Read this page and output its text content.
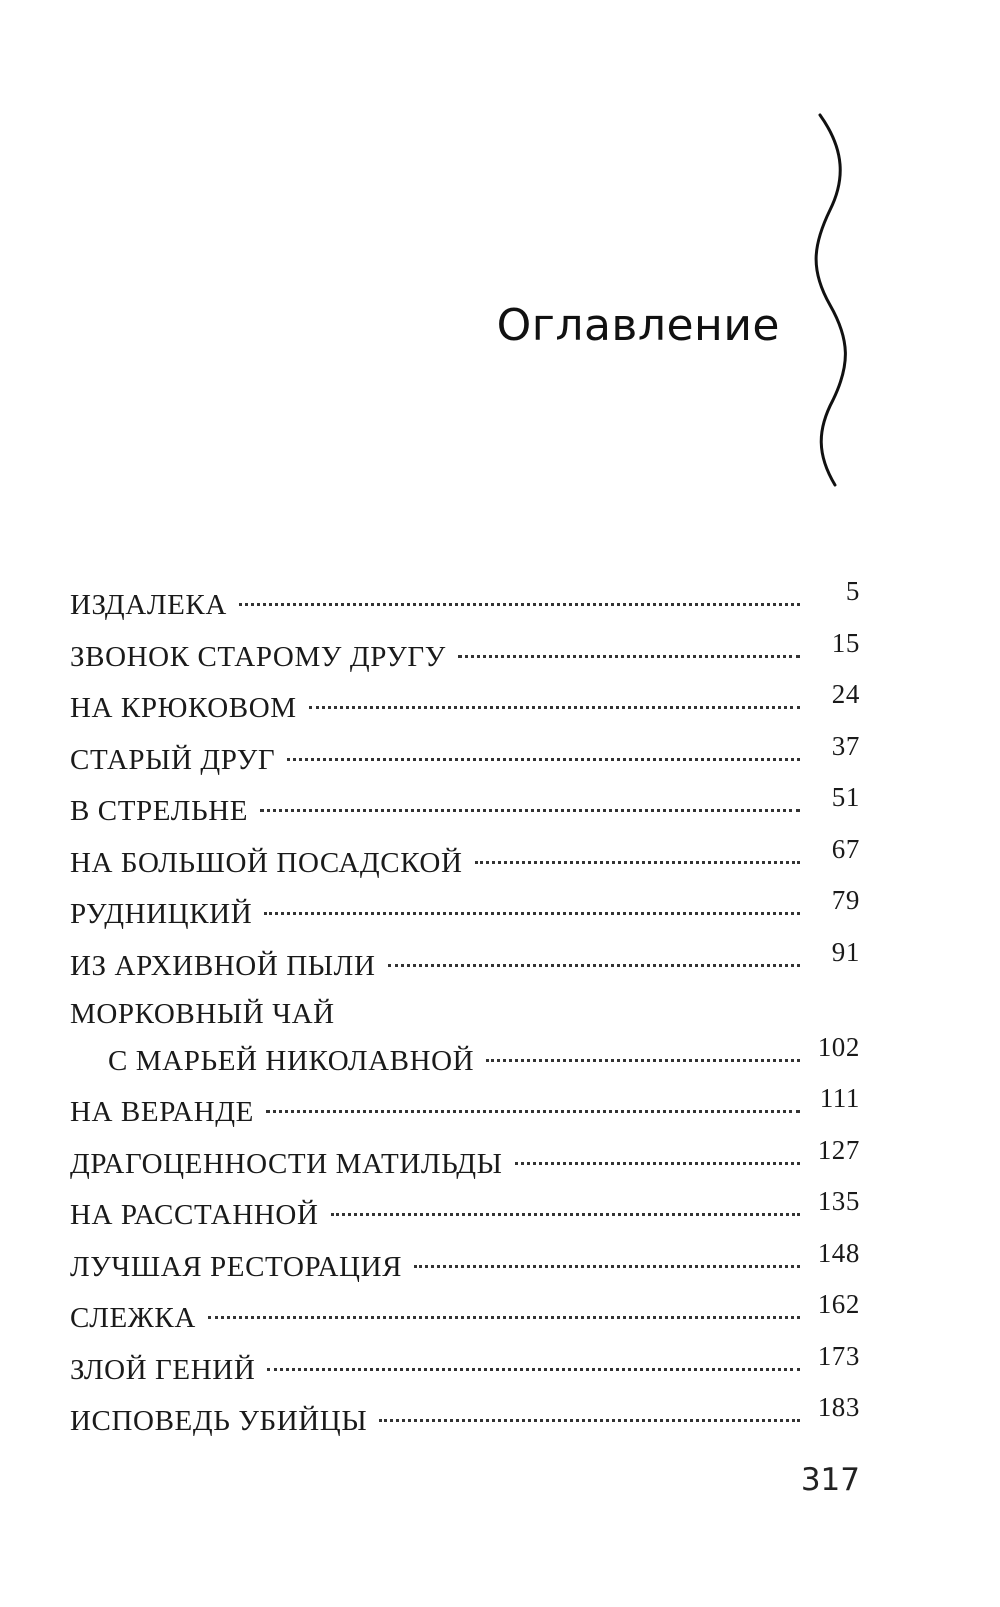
Оглавление
ИЗДАЛЕКА	5
ЗВОНОК СТАРОМУ ДРУГУ	15
НА КРЮКОВОМ	24
СТАРЫЙ ДРУГ	37
В СТРЕЛЬНЕ	51
НА БОЛЬШОЙ ПОСАДСКОЙ	67
РУДНИЦКИЙ	79
ИЗ АРХИВНОЙ ПЫЛИ	91
МОРКОВНЫЙ ЧАЙ
С МАРЬЕЙ НИКОЛАВНОЙ	102
НА ВЕРАНДЕ	111
ДРАГОЦЕННОСТИ МАТИЛЬДЫ	127
НА РАССТАННОЙ	135
ЛУЧШАЯ РЕСТОРАЦИЯ	148
СЛЕЖКА	162
ЗЛОЙ ГЕНИЙ	173
ИСПОВЕДЬ УБИЙЦЫ	183
317
